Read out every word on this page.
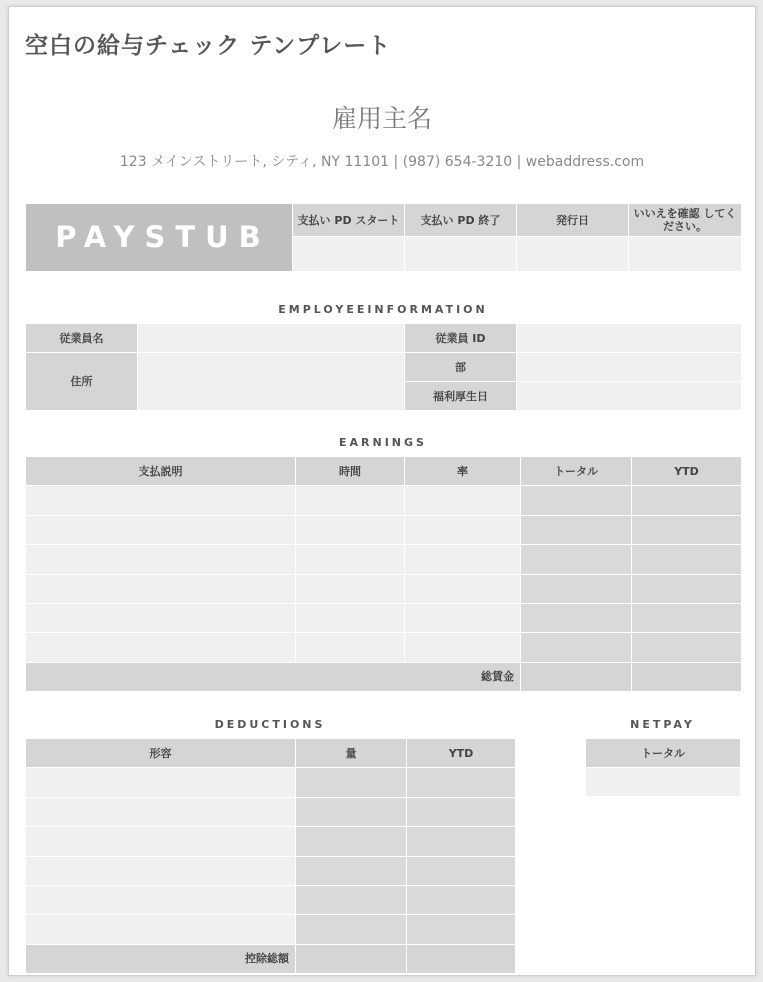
空白の給与チェック テンプレート
雇用主名
123 メインストリート, シティ, NY 11101 | (987) 654-3210 | webaddress.com
PAYSTUB	支払い PD スタート	支払い PD 終了	発行日	いいえを確認 してください。

EMPLOYEEINFORMATION
従業員名		従業員 ID	
住所		部	
		福利厚生日	
EARNINGS
支払説明	時間	率	トータル	YTD

総賃金				
DEDUCTIONS
形容	量	YTD

控除総額		
NETPAY
トータル
